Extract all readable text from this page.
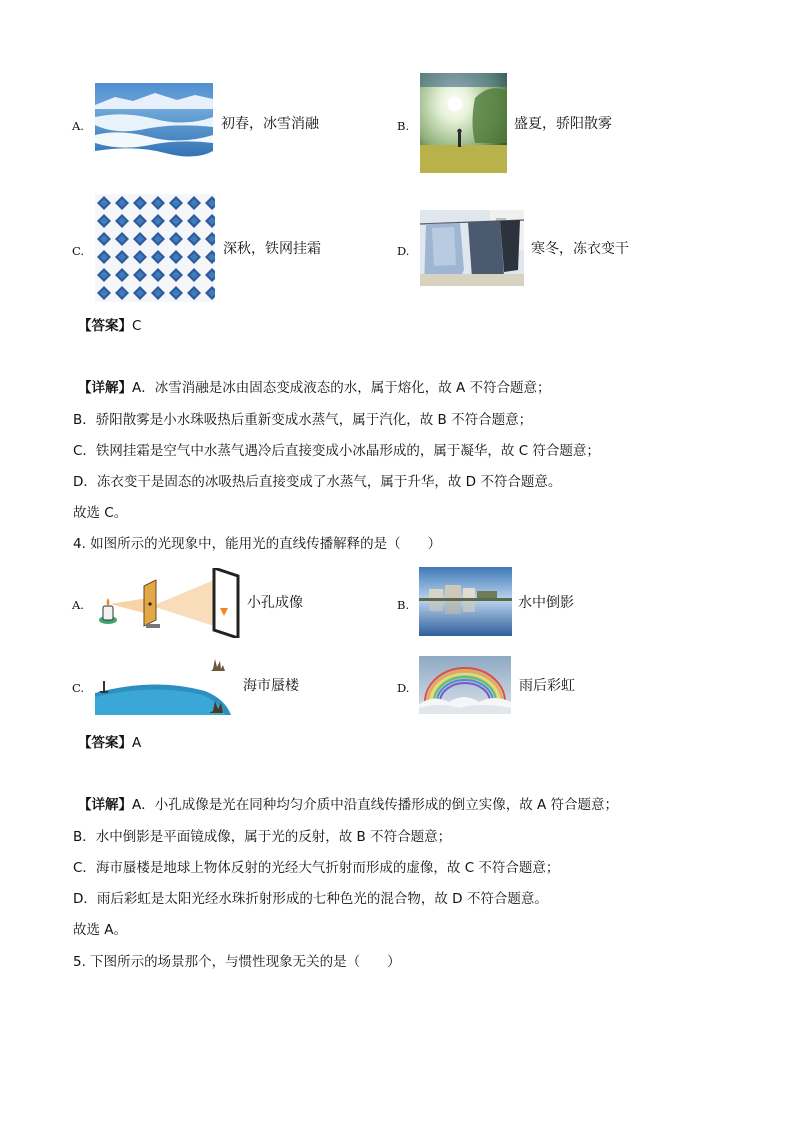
A.	初春，冰雪消融	B.	盛夏，骄阳散雾
C.	深秋，铁网挂霜	D.	寒冬，冻衣变干
【答案】C
【详解】A．冰雪消融是冰由固态变成液态的水，属于熔化，故 A 不符合题意；
B．骄阳散雾是小水珠吸热后重新变成水蒸气，属于汽化，故 B 不符合题意；
C．铁网挂霜是空气中水蒸气遇冷后直接变成小冰晶形成的，属于凝华，故 C 符合题意；
D．冻衣变干是固态的冰吸热后直接变成了水蒸气，属于升华，故 D 不符合题意。
故选 C。
4. 如图所示的光现象中，能用光的直线传播解释的是（　　）
A.	小孔成像	B.	水中倒影
C.	海市蜃楼	D.	雨后彩虹
【答案】A
【详解】A．小孔成像是光在同种均匀介质中沿直线传播形成的倒立实像，故 A 符合题意；
B．水中倒影是平面镜成像，属于光的反射，故 B 不符合题意；
C．海市蜃楼是地球上物体反射的光经大气折射而形成的虚像，故 C 不符合题意；
D．雨后彩虹是太阳光经水珠折射形成的七种色光的混合物，故 D 不符合题意。
故选 A。
5. 下图所示的场景那个，与惯性现象无关的是（　　）
